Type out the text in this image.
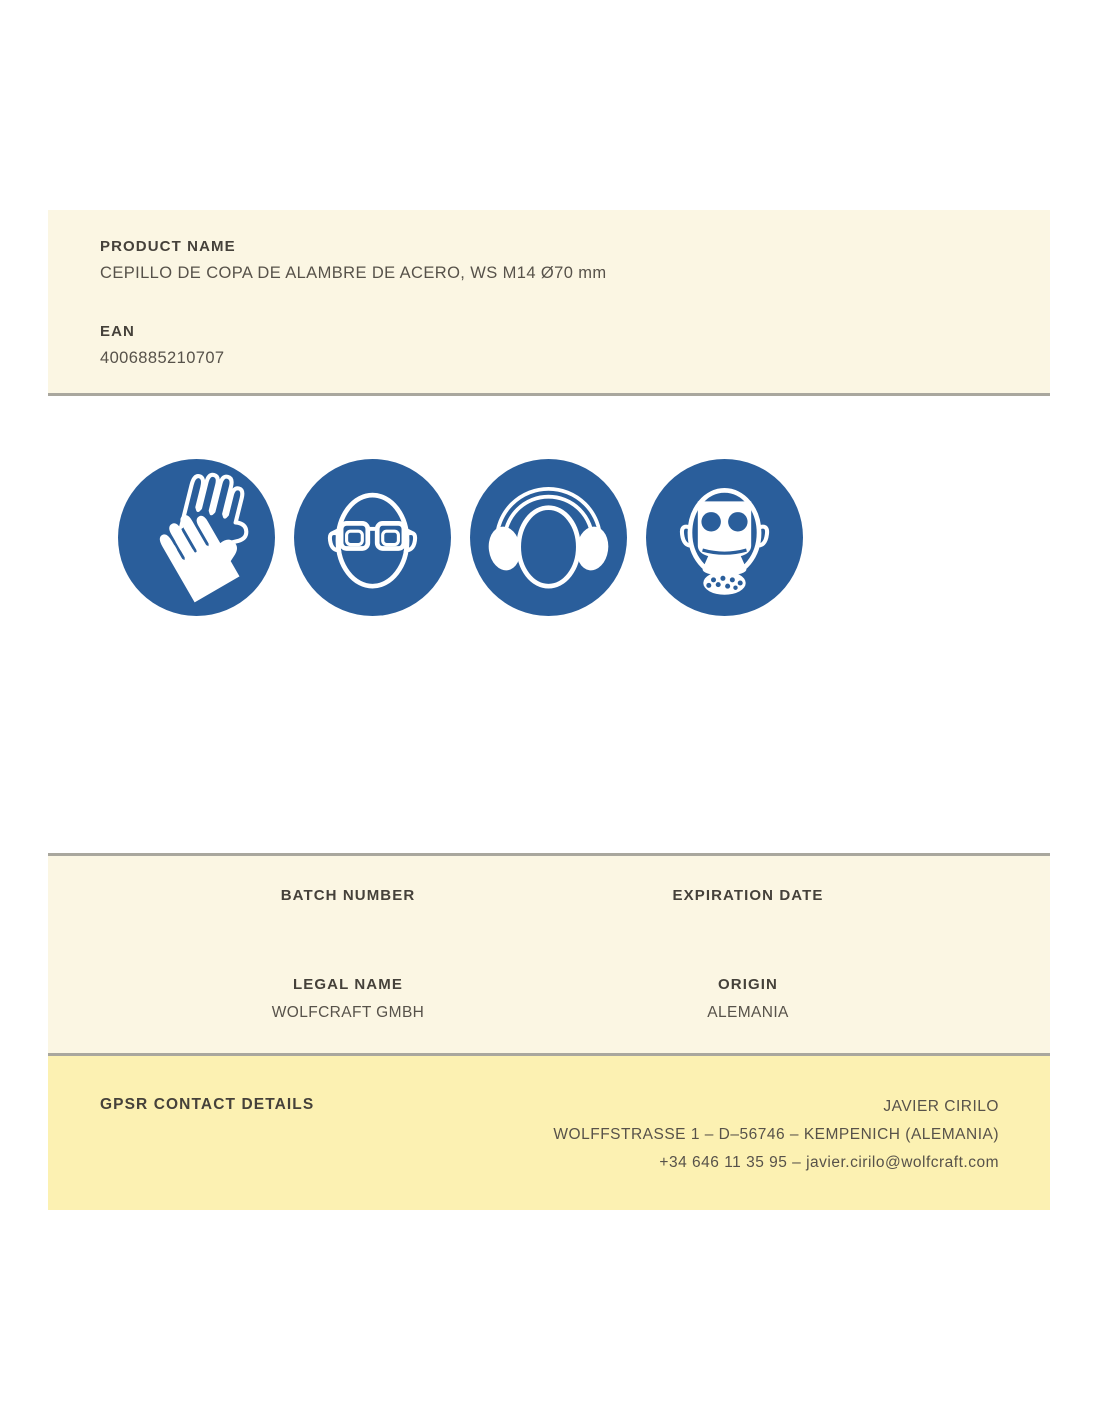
PRODUCT NAME
CEPILLO DE COPA DE ALAMBRE DE ACERO, WS M14 Ø70 mm
EAN
4006885210707
BATCH NUMBER	EXPIRATION DATE
LEGAL NAME
WOLFCRAFT GMBH
ORIGIN
ALEMANIA
GPSR CONTACT DETAILS	JAVIER CIRILO
WOLFFSTRASSE 1 – D–56746 – KEMPENICH (ALEMANIA)
+34 646 11 35 95 – javier.cirilo@wolfcraft.com
